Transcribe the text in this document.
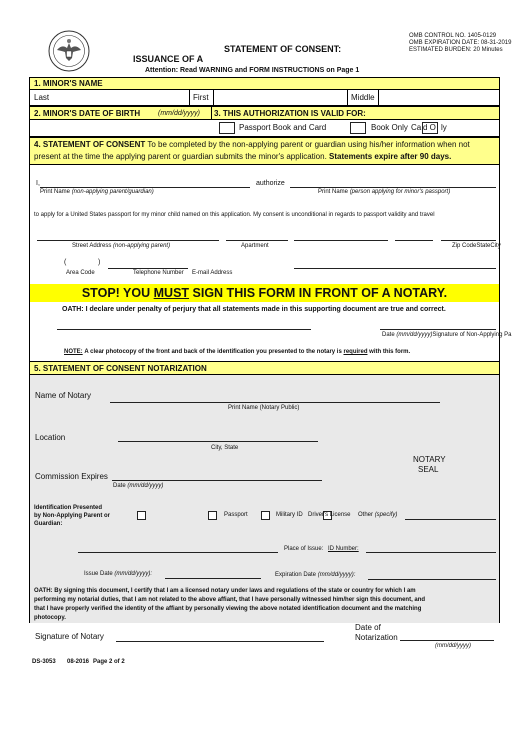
OMB CONTROL NO. 1405-0129
OMB EXPIRATION DATE: 08-31-2019
ESTIMATED BURDEN: 20 Minutes
STATEMENT OF CONSENT:
ISSUANCE OF A
Attention: Read WARNING and FORM INSTRUCTIONS on Page 1
1. MINOR'S NAME
Last	First	Middle
2. MINOR'S DATE OF BIRTH	(mm/dd/yyyy) 3. THIS AUTHORIZATION IS VALID FOR:
Passport Book and Card	Book Only Ca d O ly
4. STATEMENT OF CONSENT To be completed by the non-applying parent or guardian using his/her information when not
present at the time the applying parent or guardian submits the minor's application. Statements expire after 90 days.
I,	authorize
Print Name (non-applying parent/guardian)	Print Name (person applying for minor's passport)
to apply for a United States passport for my minor child named on this application. My consent is unconditional in regards to passport validity and travel
Street Address (non-applying parent)	Apartment	Zip CodeStateCity
(	)
Area Code	Telephone Number E-mail Address
STOP! YOU MUST SIGN THIS FORM IN FRONT OF A NOTARY.
OATH: I declare under penalty of perjury that all statements made in this supporting document are true and correct.
Date (mm/dd/yyyy)Signature of Non-Applying Pa
NOTE: A clear photocopy of the front and back of the identification you presented to the notary is required with this form.
5. STATEMENT OF CONSENT NOTARIZATION
Name of Notary
Print Name (Notary Public)
Location
City, State
NOTARY
SEAL
Commission Expires
Date (mm/dd/yyyy)
Identification Presented
by Non-Applying Parent or
Guardian:
Passport	Military ID Driver's License Other (specify)
Place of Issue: ID Number:
Issue Date (mm/dd/yyyy):	Expiration Date (mm/dd/yyyy):
OATH: By signing this document, I certify that I am a licensed notary under laws and regulations of the state or country for which I am
performing my notarial duties, that I am not related to the above affiant, that I have personally witnessed him/her sign this document, and
that I have properly verified the identity of the affiant by personally viewing the above notated identification document and the matching
photocopy.
Signature of Notary
Date of
Notarization
(mm/dd/yyyy)
DS-3053 08-2016 Page 2 of 2
